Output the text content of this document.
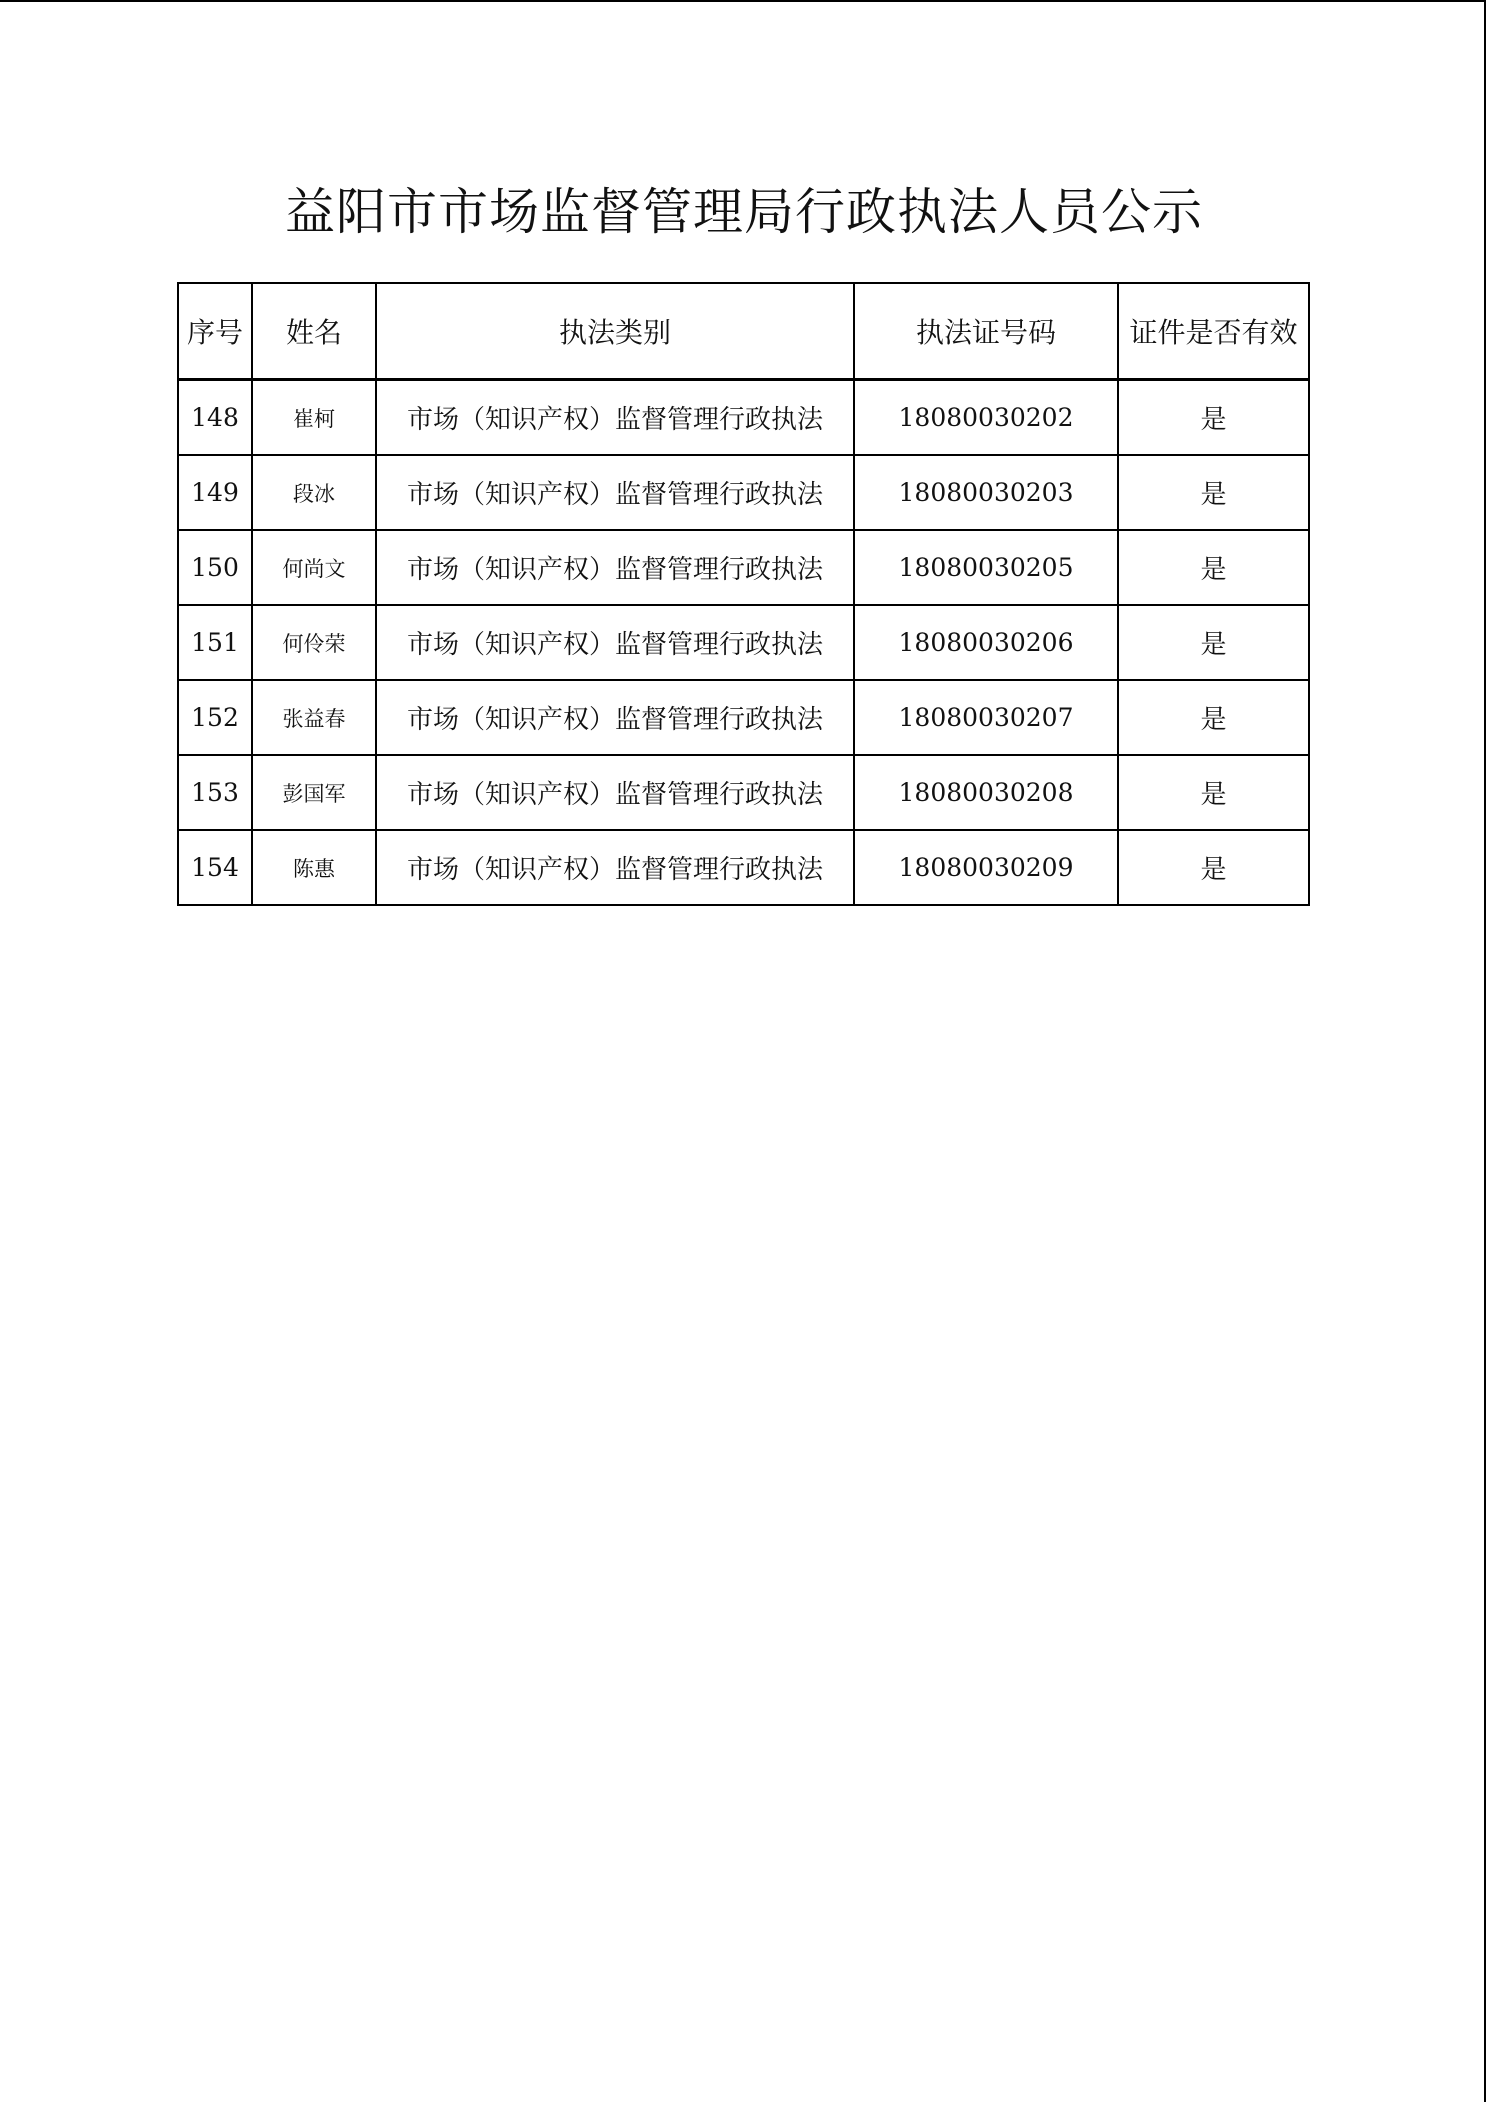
益阳市市场监督管理局行政执法人员公示
序号	姓名	执法类别	执法证号码	证件是否有效
148	崔柯	市场（知识产权）监督管理行政执法	18080030202	是
149	段冰	市场（知识产权）监督管理行政执法	18080030203	是
150	何尚文	市场（知识产权）监督管理行政执法	18080030205	是
151	何伶荣	市场（知识产权）监督管理行政执法	18080030206	是
152	张益春	市场（知识产权）监督管理行政执法	18080030207	是
153	彭国军	市场（知识产权）监督管理行政执法	18080030208	是
154	陈惠	市场（知识产权）监督管理行政执法	18080030209	是
